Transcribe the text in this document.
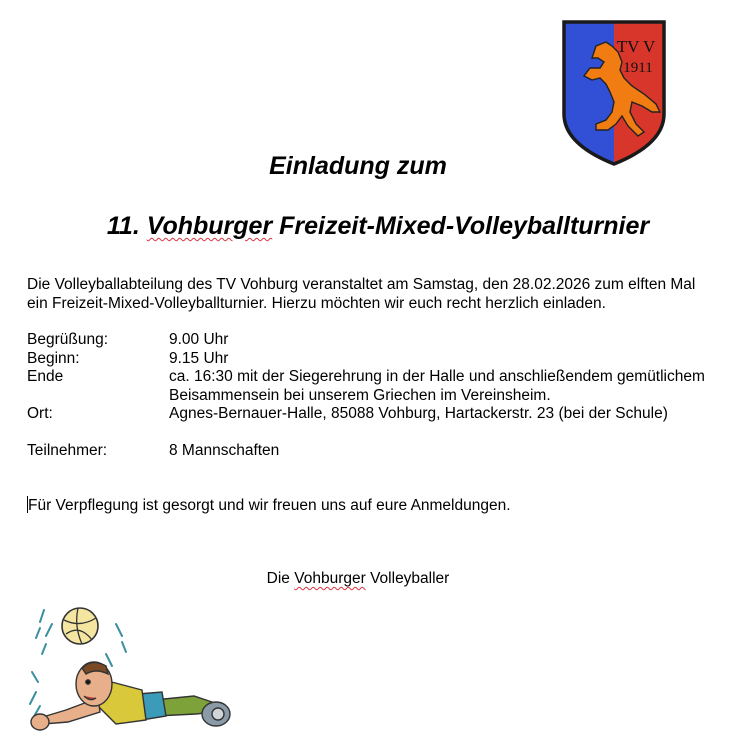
TV V
1911
Einladung zum
11. Vohburger Freizeit-Mixed-Volleyballturnier

Die Volleyballabteilung des TV Vohburg veranstaltet am Samstag, den 28.02.2026 zum elften Mal

ein Freizeit-Mixed-Volleyballturnier. Hierzu möchten wir euch recht herzlich einladen.

Begrüßung:	9.00 Uhr
Beginn:	9.15 Uhr
Ende	ca. 16:30 mit der Siegerehrung in der Halle und anschließendem gemütlichem
Beisammensein bei unserem Griechen im Vereinsheim.
Ort:	Agnes-Bernauer-Halle, 85088 Vohburg, Hartackerstr. 23 (bei der Schule)
Teilnehmer:	8 Mannschaften
Für Verpflegung ist gesorgt und wir freuen uns auf eure Anmeldungen.
Die Vohburger Volleyballer
